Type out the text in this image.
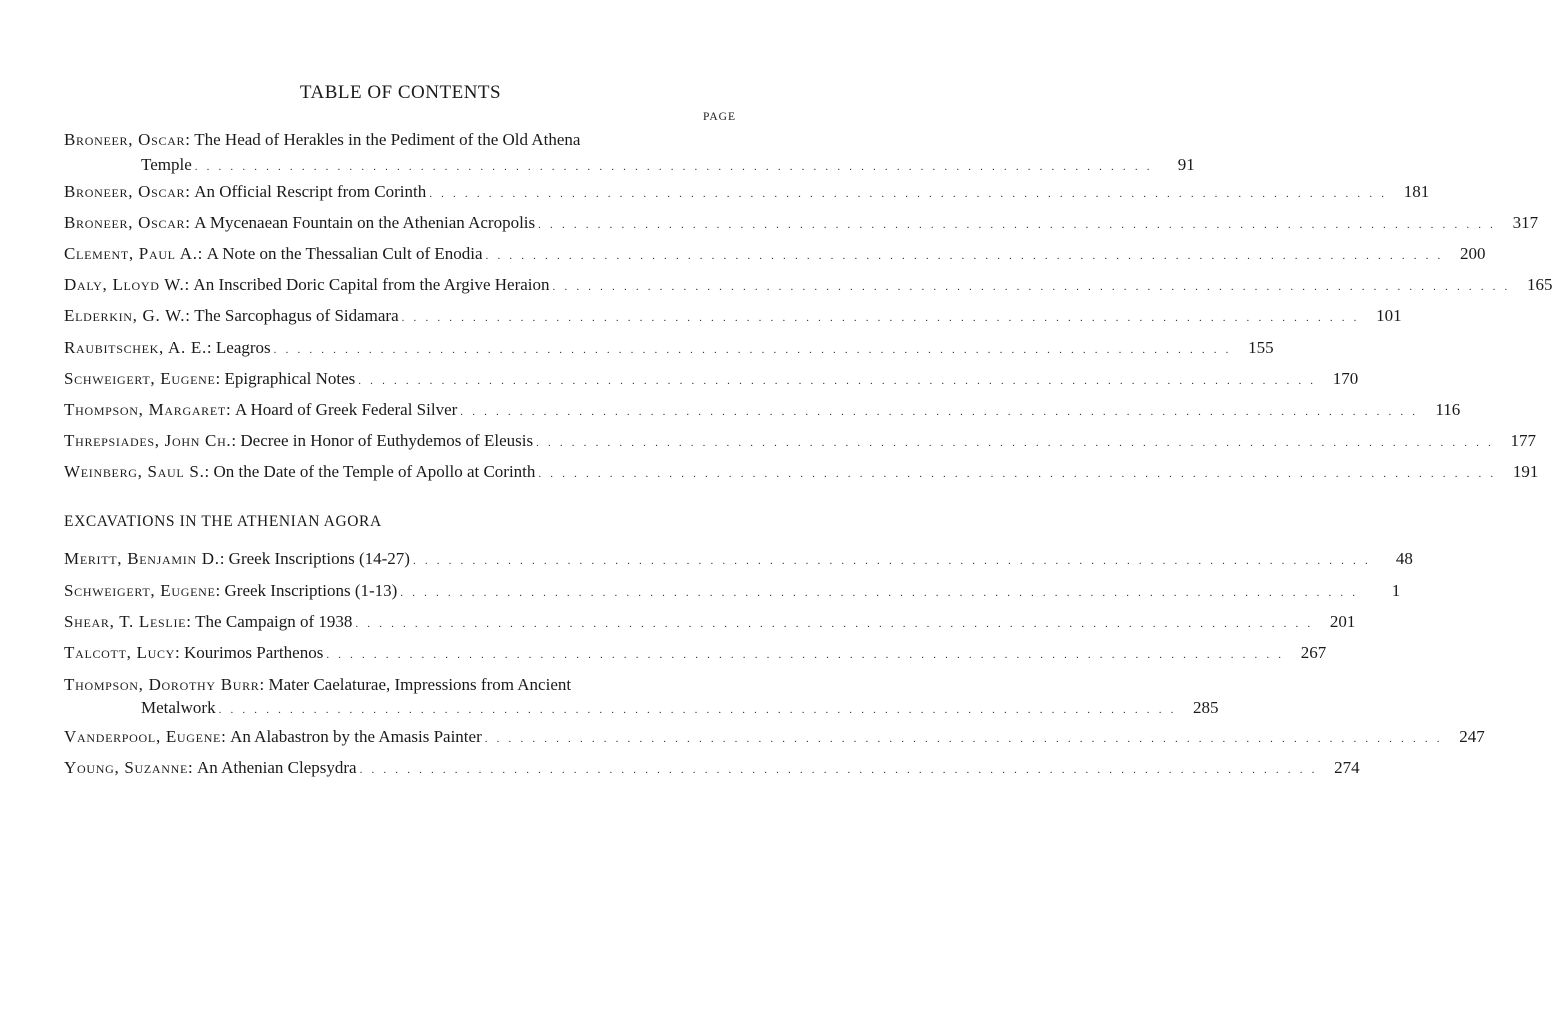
TABLE OF CONTENTS
PAGE
Broneer, Oscar : The Head of Herakles in the Pediment of the Old Athena
Temple . . . . . . . . . . . . . . . . . . . . . . . . . . . . . . . . . . . . . . . . . . . . . . . . . . . . . . . . . . . . . . . . . . . . . . . . . . . . . . . . .	91
Broneer, Oscar : An Official Rescript from Corinth . . . . . . . . . . . . . . . . . . . . . . . . . . . . . . . . . . . . . . . . . . . . . . . . . . . . . . . . . . . . . . . . . . . . . . . . . . . . . . . . . 181
Broneer, Oscar : A Mycenaean Fountain on the Athenian Acropolis . . . . . . . . . . . . . . . . . . . . . . . . . . . . . . . . . . . . . . . . . . . . . . . . . . . . . . . . . . . . . . . . . . . . . . . . . . . . . . . . . 317
Clement, Paul A. : A Note on the Thessalian Cult of Enodia . . . . . . . . . . . . . . . . . . . . . . . . . . . . . . . . . . . . . . . . . . . . . . . . . . . . . . . . . . . . . . . . . . . . . . . . . . . . . . . . . 200
Daly, Lloyd W. : An Inscribed Doric Capital from the Argive Heraion . . . . . . . . . . . . . . . . . . . . . . . . . . . . . . . . . . . . . . . . . . . . . . . . . . . . . . . . . . . . . . . . . . . . . . . . . . . . . . . . . 165
Elderkin, G. W. : The Sarcophagus of Sidamara . . . . . . . . . . . . . . . . . . . . . . . . . . . . . . . . . . . . . . . . . . . . . . . . . . . . . . . . . . . . . . . . . . . . . . . . . . . . . . . . . 101
Raubitschek, A. E. : Leagros . . . . . . . . . . . . . . . . . . . . . . . . . . . . . . . . . . . . . . . . . . . . . . . . . . . . . . . . . . . . . . . . . . . . . . . . . . . . . . . . . 155
Schweigert, Eugene : Epigraphical Notes . . . . . . . . . . . . . . . . . . . . . . . . . . . . . . . . . . . . . . . . . . . . . . . . . . . . . . . . . . . . . . . . . . . . . . . . . . . . . . . . . 170
Thompson, Margaret : A Hoard of Greek Federal Silver . . . . . . . . . . . . . . . . . . . . . . . . . . . . . . . . . . . . . . . . . . . . . . . . . . . . . . . . . . . . . . . . . . . . . . . . . . . . . . . . .	116
Threpsiades, John Ch. : Decree in Honor of Euthydemos of Eleusis . . . . . . . . . . . . . . . . . . . . . . . . . . . . . . . . . . . . . . . . . . . . . . . . . . . . . . . . . . . . . . . . . . . . . . . . . . . . . . . . . 177
Weinberg, Saul S. : On the Date of the Temple of Apollo at Corinth . . . . . . . . . . . . . . . . . . . . . . . . . . . . . . . . . . . . . . . . . . . . . . . . . . . . . . . . . . . . . . . . . . . . . . . . . . . . . . . . . 191
EXCAVATIONS IN THE ATHENIAN AGORA
Meritt, Benjamin D. : Greek Inscriptions (14-27) . . . . . . . . . . . . . . . . . . . . . . . . . . . . . . . . . . . . . . . . . . . . . . . . . . . . . . . . . . . . . . . . . . . . . . . . . . . . . . . . .	48
Schweigert, Eugene : Greek Inscriptions (1-13) . . . . . . . . . . . . . . . . . . . . . . . . . . . . . . . . . . . . . . . . . . . . . . . . . . . . . . . . . . . . . . . . . . . . . . . . . . . . . . . . .	1
Shear, T. Leslie : The Campaign of 1938 . . . . . . . . . . . . . . . . . . . . . . . . . . . . . . . . . . . . . . . . . . . . . . . . . . . . . . . . . . . . . . . . . . . . . . . . . . . . . . . . . 201
Talcott, Lucy : Kourimos Parthenos . . . . . . . . . . . . . . . . . . . . . . . . . . . . . . . . . . . . . . . . . . . . . . . . . . . . . . . . . . . . . . . . . . . . . . . . . . . . . . . . . 267
Thompson, Dorothy Burr : Mater Caelaturae, Impressions from Ancient
Metalwork . . . . . . . . . . . . . . . . . . . . . . . . . . . . . . . . . . . . . . . . . . . . . . . . . . . . . . . . . . . . . . . . . . . . . . . . . . . . . . . . . 285
Vanderpool, Eugene : An Alabastron by the Amasis Painter . . . . . . . . . . . . . . . . . . . . . . . . . . . . . . . . . . . . . . . . . . . . . . . . . . . . . . . . . . . . . . . . . . . . . . . . . . . . . . . . . 247
Young, Suzanne : An Athenian Clepsydra . . . . . . . . . . . . . . . . . . . . . . . . . . . . . . . . . . . . . . . . . . . . . . . . . . . . . . . . . . . . . . . . . . . . . . . . . . . . . . . . . 274
